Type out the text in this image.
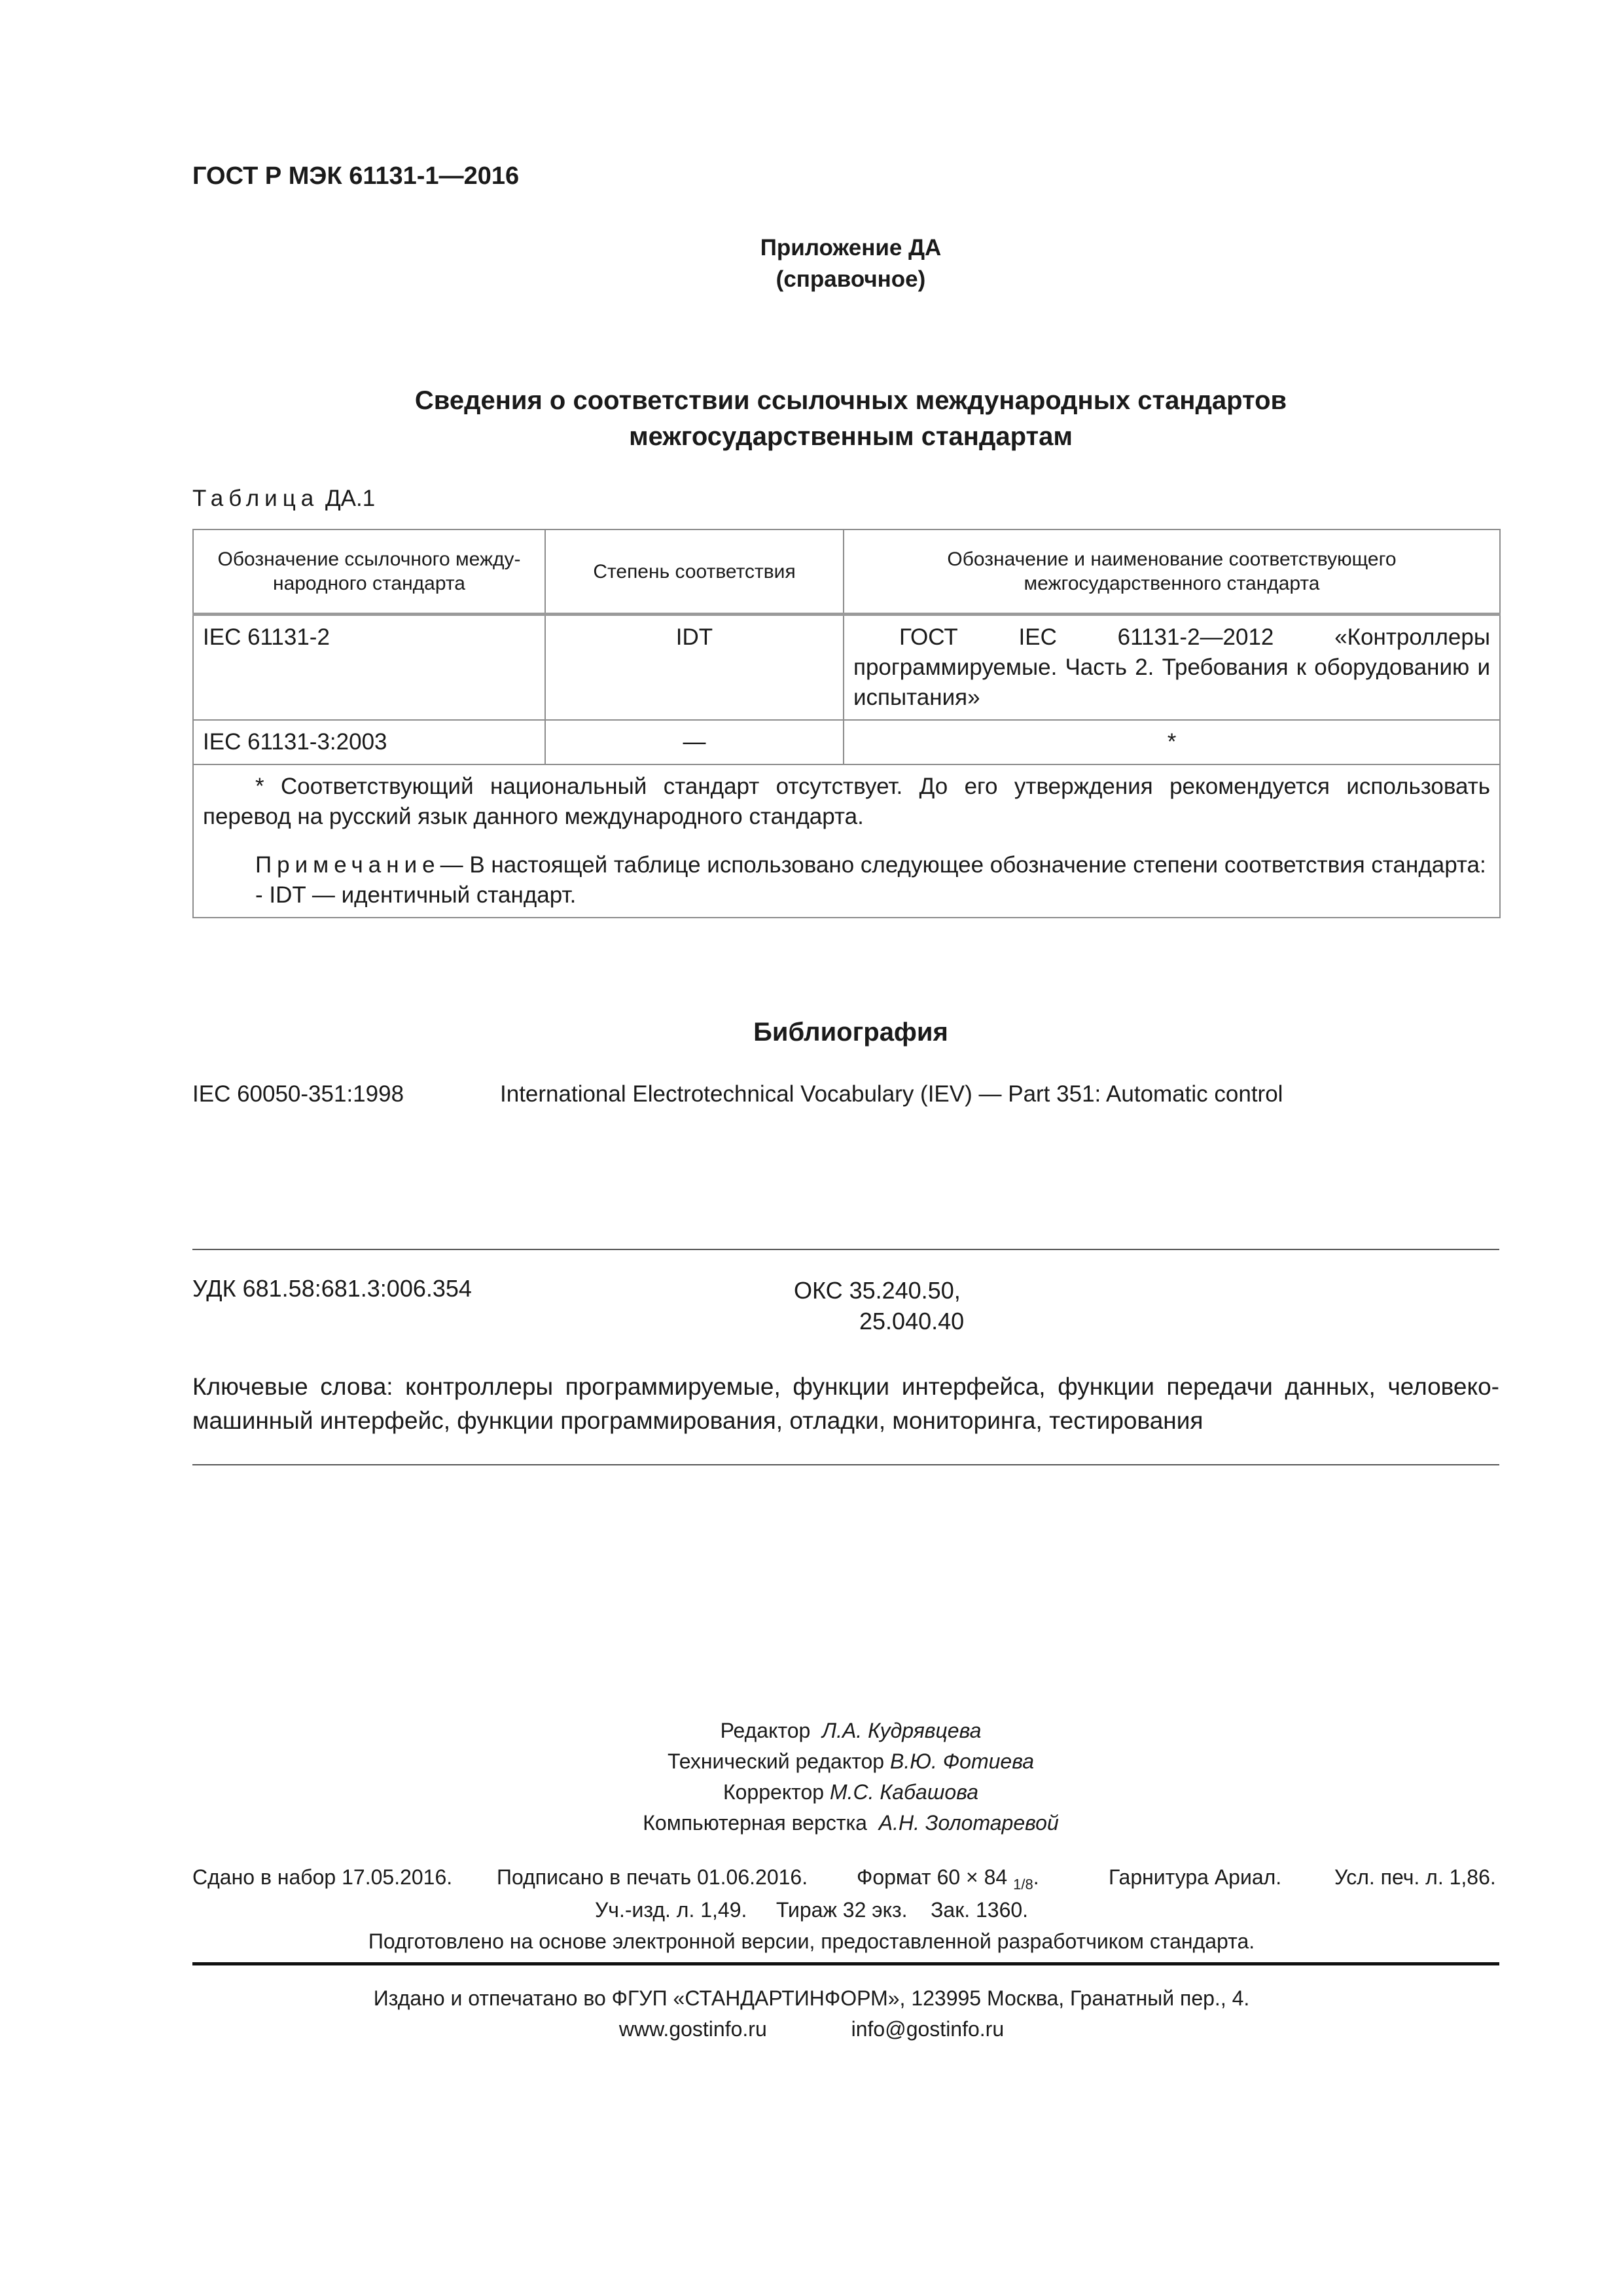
ГОСТ Р МЭК 61131-1—2016
Приложение ДА
(справочное)
Сведения о соответствии ссылочных международных стандартов
межгосударственным стандартам
Таблица ДА.1
Обозначение ссылочного между-народного стандарта	Степень соответствия	Обозначение и наименование соответствующего межгосударственного стандарта
IEC 61131-2	IDT	ГОСТ IEC 61131-2—2012 «Контроллеры программируемые. Часть 2. Требования к оборудованию и испытания»
IEC 61131-3:2003	—	*

* Соответствующий национальный стандарт отсутствует. До его утверждения рекомендуется использовать перевод на русский язык данного международного стандарта.
Примечание— В настоящей таблице использовано следующее обозначение степени соответствия стандарта:
- IDT — идентичный стандарт.		
Библиография
IEC 60050-351:1998	International Electrotechnical Vocabulary (IEV) — Part 351: Automatic control
УДК 681.58:681.3:006.354	ОКС 35.240.50,
25.040.40
Ключевые слова: контроллеры программируемые, функции интерфейса, функции передачи данных, человеко-машинный интерфейс, функции программирования, отладки, мониторинга, тестирования
Редактор Л.А. Кудрявцева
Технический редактор В.Ю. Фотиева
Корректор М.С. Кабашова
Компьютерная верстка А.Н. Золотаревой
Сдано в набор 17.05.2016. Подписано в печать 01.06.2016. Формат 60 × 84 $_{1/8}$.	Гарнитура Ариал.	Усл. печ. л. 1,86.
Уч.-изд. л. 1,49.     Тираж 32 экз.    Зак. 1360.
Подготовлено на основе электронной версии, предоставленной разработчиком стандарта.
Издано и отпечатано во ФГУП «СТАНДАРТИНФОРМ», 123995 Москва, Гранатный пер., 4.
www.gostinfo.ru	info@gostinfo.ru
